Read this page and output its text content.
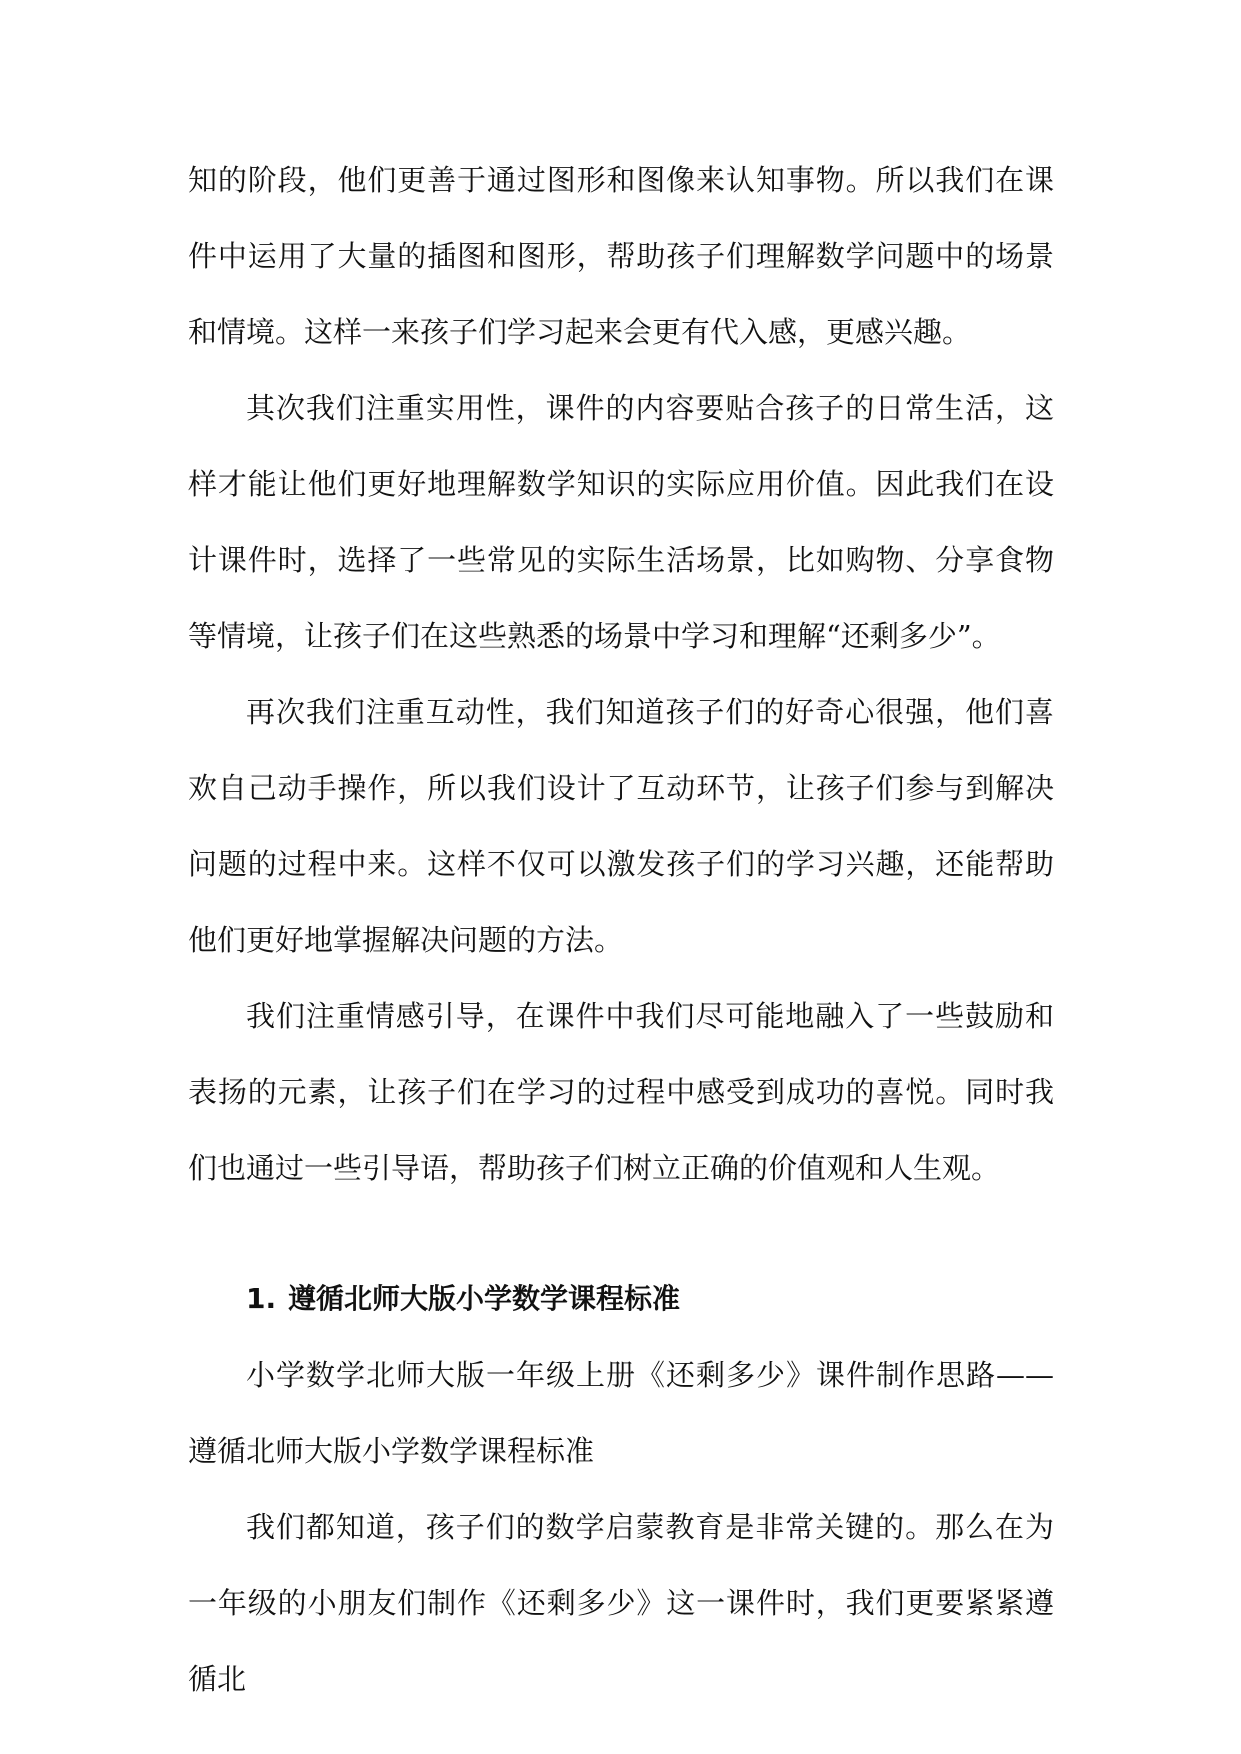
知的阶段，他们更善于通过图形和图像来认知事物。所以我们在课件中运用了大量的插图和图形，帮助孩子们理解数学问题中的场景和情境。这样一来孩子们学习起来会更有代入感，更感兴趣。

其次我们注重实用性，课件的内容要贴合孩子的日常生活，这样才能让他们更好地理解数学知识的实际应用价值。因此我们在设计课件时，选择了一些常见的实际生活场景，比如购物、分享食物等情境，让孩子们在这些熟悉的场景中学习和理解“还剩多少”。

再次我们注重互动性，我们知道孩子们的好奇心很强，他们喜欢自己动手操作，所以我们设计了互动环节，让孩子们参与到解决问题的过程中来。这样不仅可以激发孩子们的学习兴趣，还能帮助他们更好地掌握解决问题的方法。

我们注重情感引导，在课件中我们尽可能地融入了一些鼓励和表扬的元素，让孩子们在学习的过程中感受到成功的喜悦。同时我们也通过一些引导语，帮助孩子们树立正确的价值观和人生观。

1. 遵循北师大版小学数学课程标准

小学数学北师大版一年级上册《还剩多少》课件制作思路——遵循北师大版小学数学课程标准

我们都知道，孩子们的数学启蒙教育是非常关键的。那么在为一年级的小朋友们制作《还剩多少》这一课件时，我们更要紧紧遵循北
